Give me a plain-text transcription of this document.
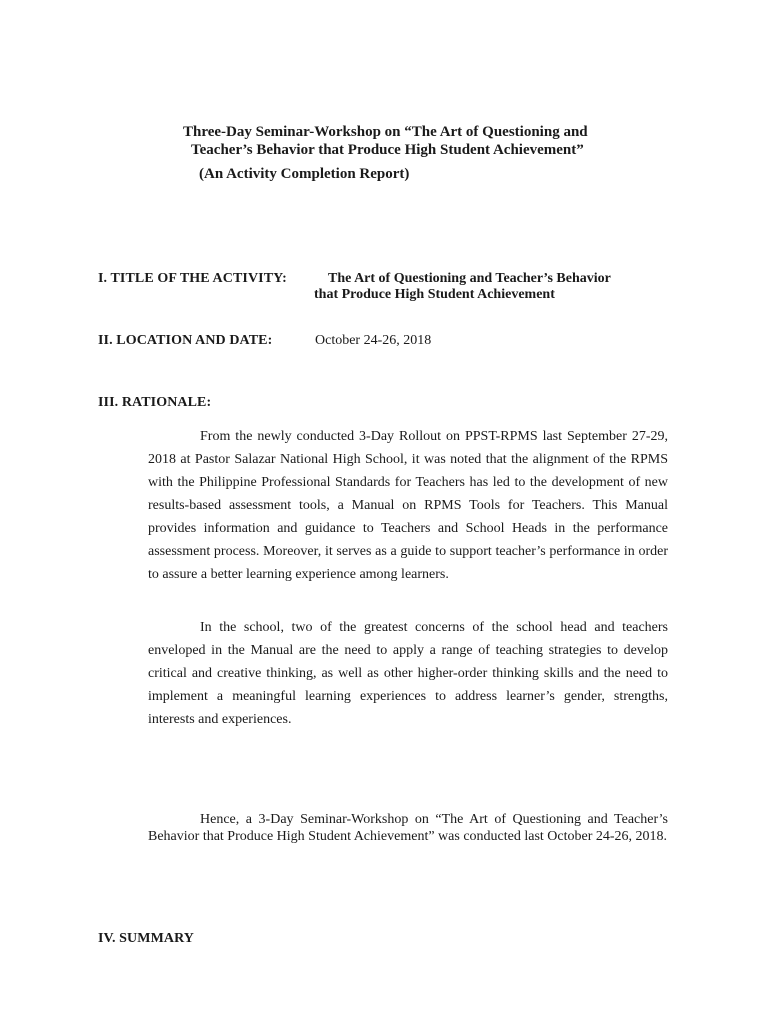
Three-Day Seminar-Workshop on “The Art of Questioning and

Teacher’s Behavior that Produce High Student Achievement”

(An Activity Completion Report)

I. TITLE OF THE ACTIVITY:	The Art of Questioning and Teacher’s Behavior

that Produce High Student Achievement

II. LOCATION AND DATE:	October 24-26, 2018

III. RATIONALE:

From the newly conducted 3-Day Rollout on PPST-RPMS last September 27-29, 2018 at Pastor Salazar National High School, it was noted that the alignment of the RPMS with the Philippine Professional Standards for Teachers has led to the development of new results-based assessment tools, a Manual on RPMS Tools for Teachers. This Manual provides information and guidance to Teachers and School Heads in the performance assessment process. Moreover, it serves as a guide to support teacher’s performance in order to assure a better learning experience among learners.

In the school, two of the greatest concerns of the school head and teachers enveloped in the Manual are the need to apply a range of teaching strategies to develop critical and creative thinking, as well as other higher-order thinking skills and the need to implement a meaningful learning experiences to address learner’s gender, strengths, interests and experiences.

Hence, a 3-Day Seminar-Workshop on “The Art of Questioning and Teacher’s Behavior that Produce High Student Achievement” was conducted last October 24-26, 2018.

IV. SUMMARY
